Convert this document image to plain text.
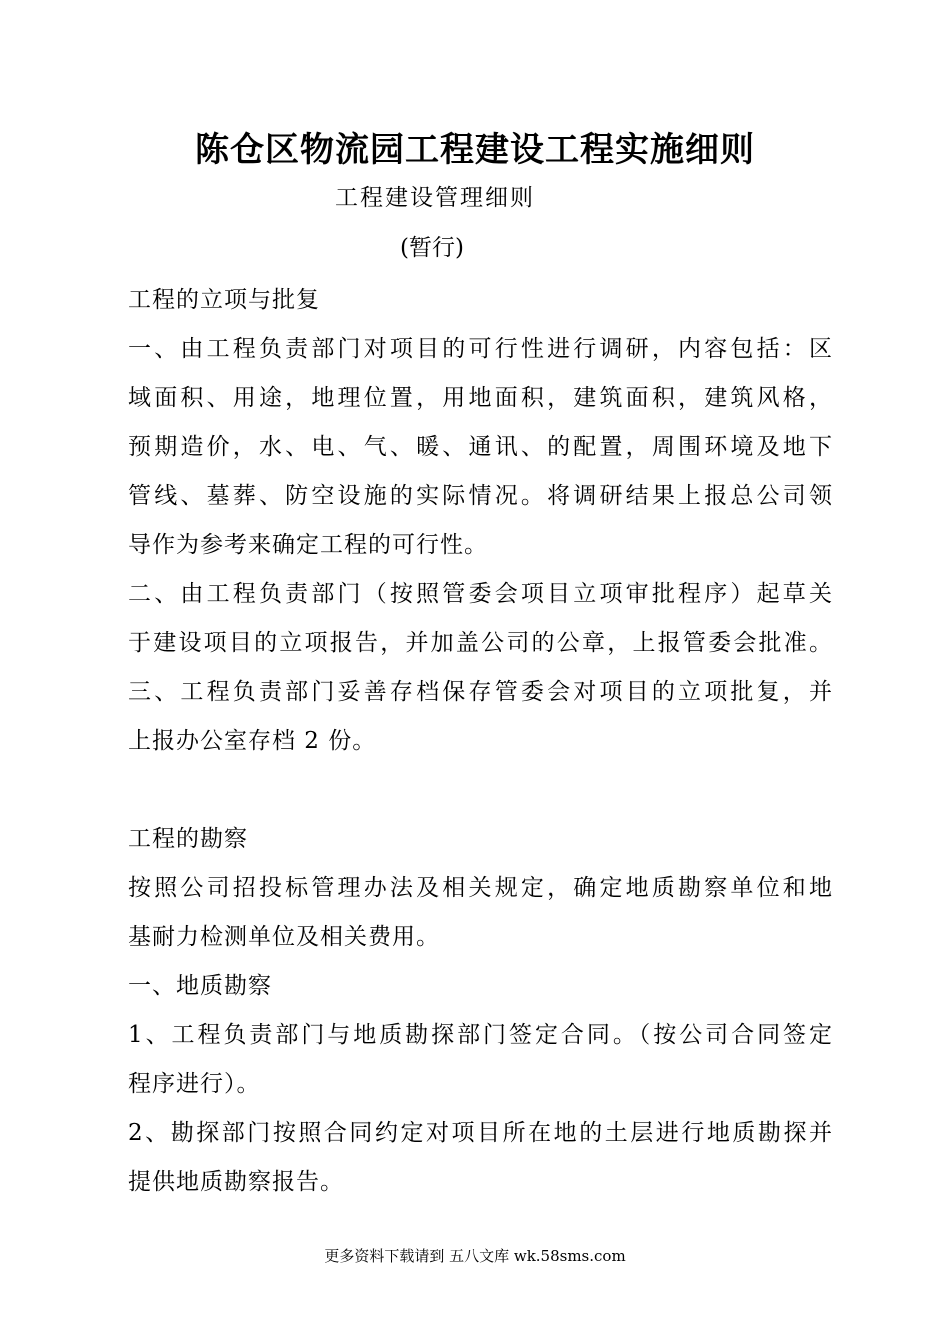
陈仓区物流园工程建设工程实施细则
工程建设管理细则
(暂行)
工程的立项与批复
一、由工程负责部门对项目的可行性进行调研，内容包括：区
域面积、用途，地理位置，用地面积，建筑面积，建筑风格，
预期造价，水、电、气、暖、通讯、的配置，周围环境及地下
管线、墓葬、防空设施的实际情况。将调研结果上报总公司领
导作为参考来确定工程的可行性。
二、由工程负责部门（按照管委会项目立项审批程序）起草关
于建设项目的立项报告，并加盖公司的公章，上报管委会批准。
三、工程负责部门妥善存档保存管委会对项目的立项批复，并
上报办公室存档 2 份。
工程的勘察
按照公司招投标管理办法及相关规定，确定地质勘察单位和地
基耐力检测单位及相关费用。
一、地质勘察
1、工程负责部门与地质勘探部门签定合同。（按公司合同签定
程序进行）。
2、勘探部门按照合同约定对项目所在地的土层进行地质勘探并
提供地质勘察报告。
更多资料下载请到 五八文库 wk.58sms.com
